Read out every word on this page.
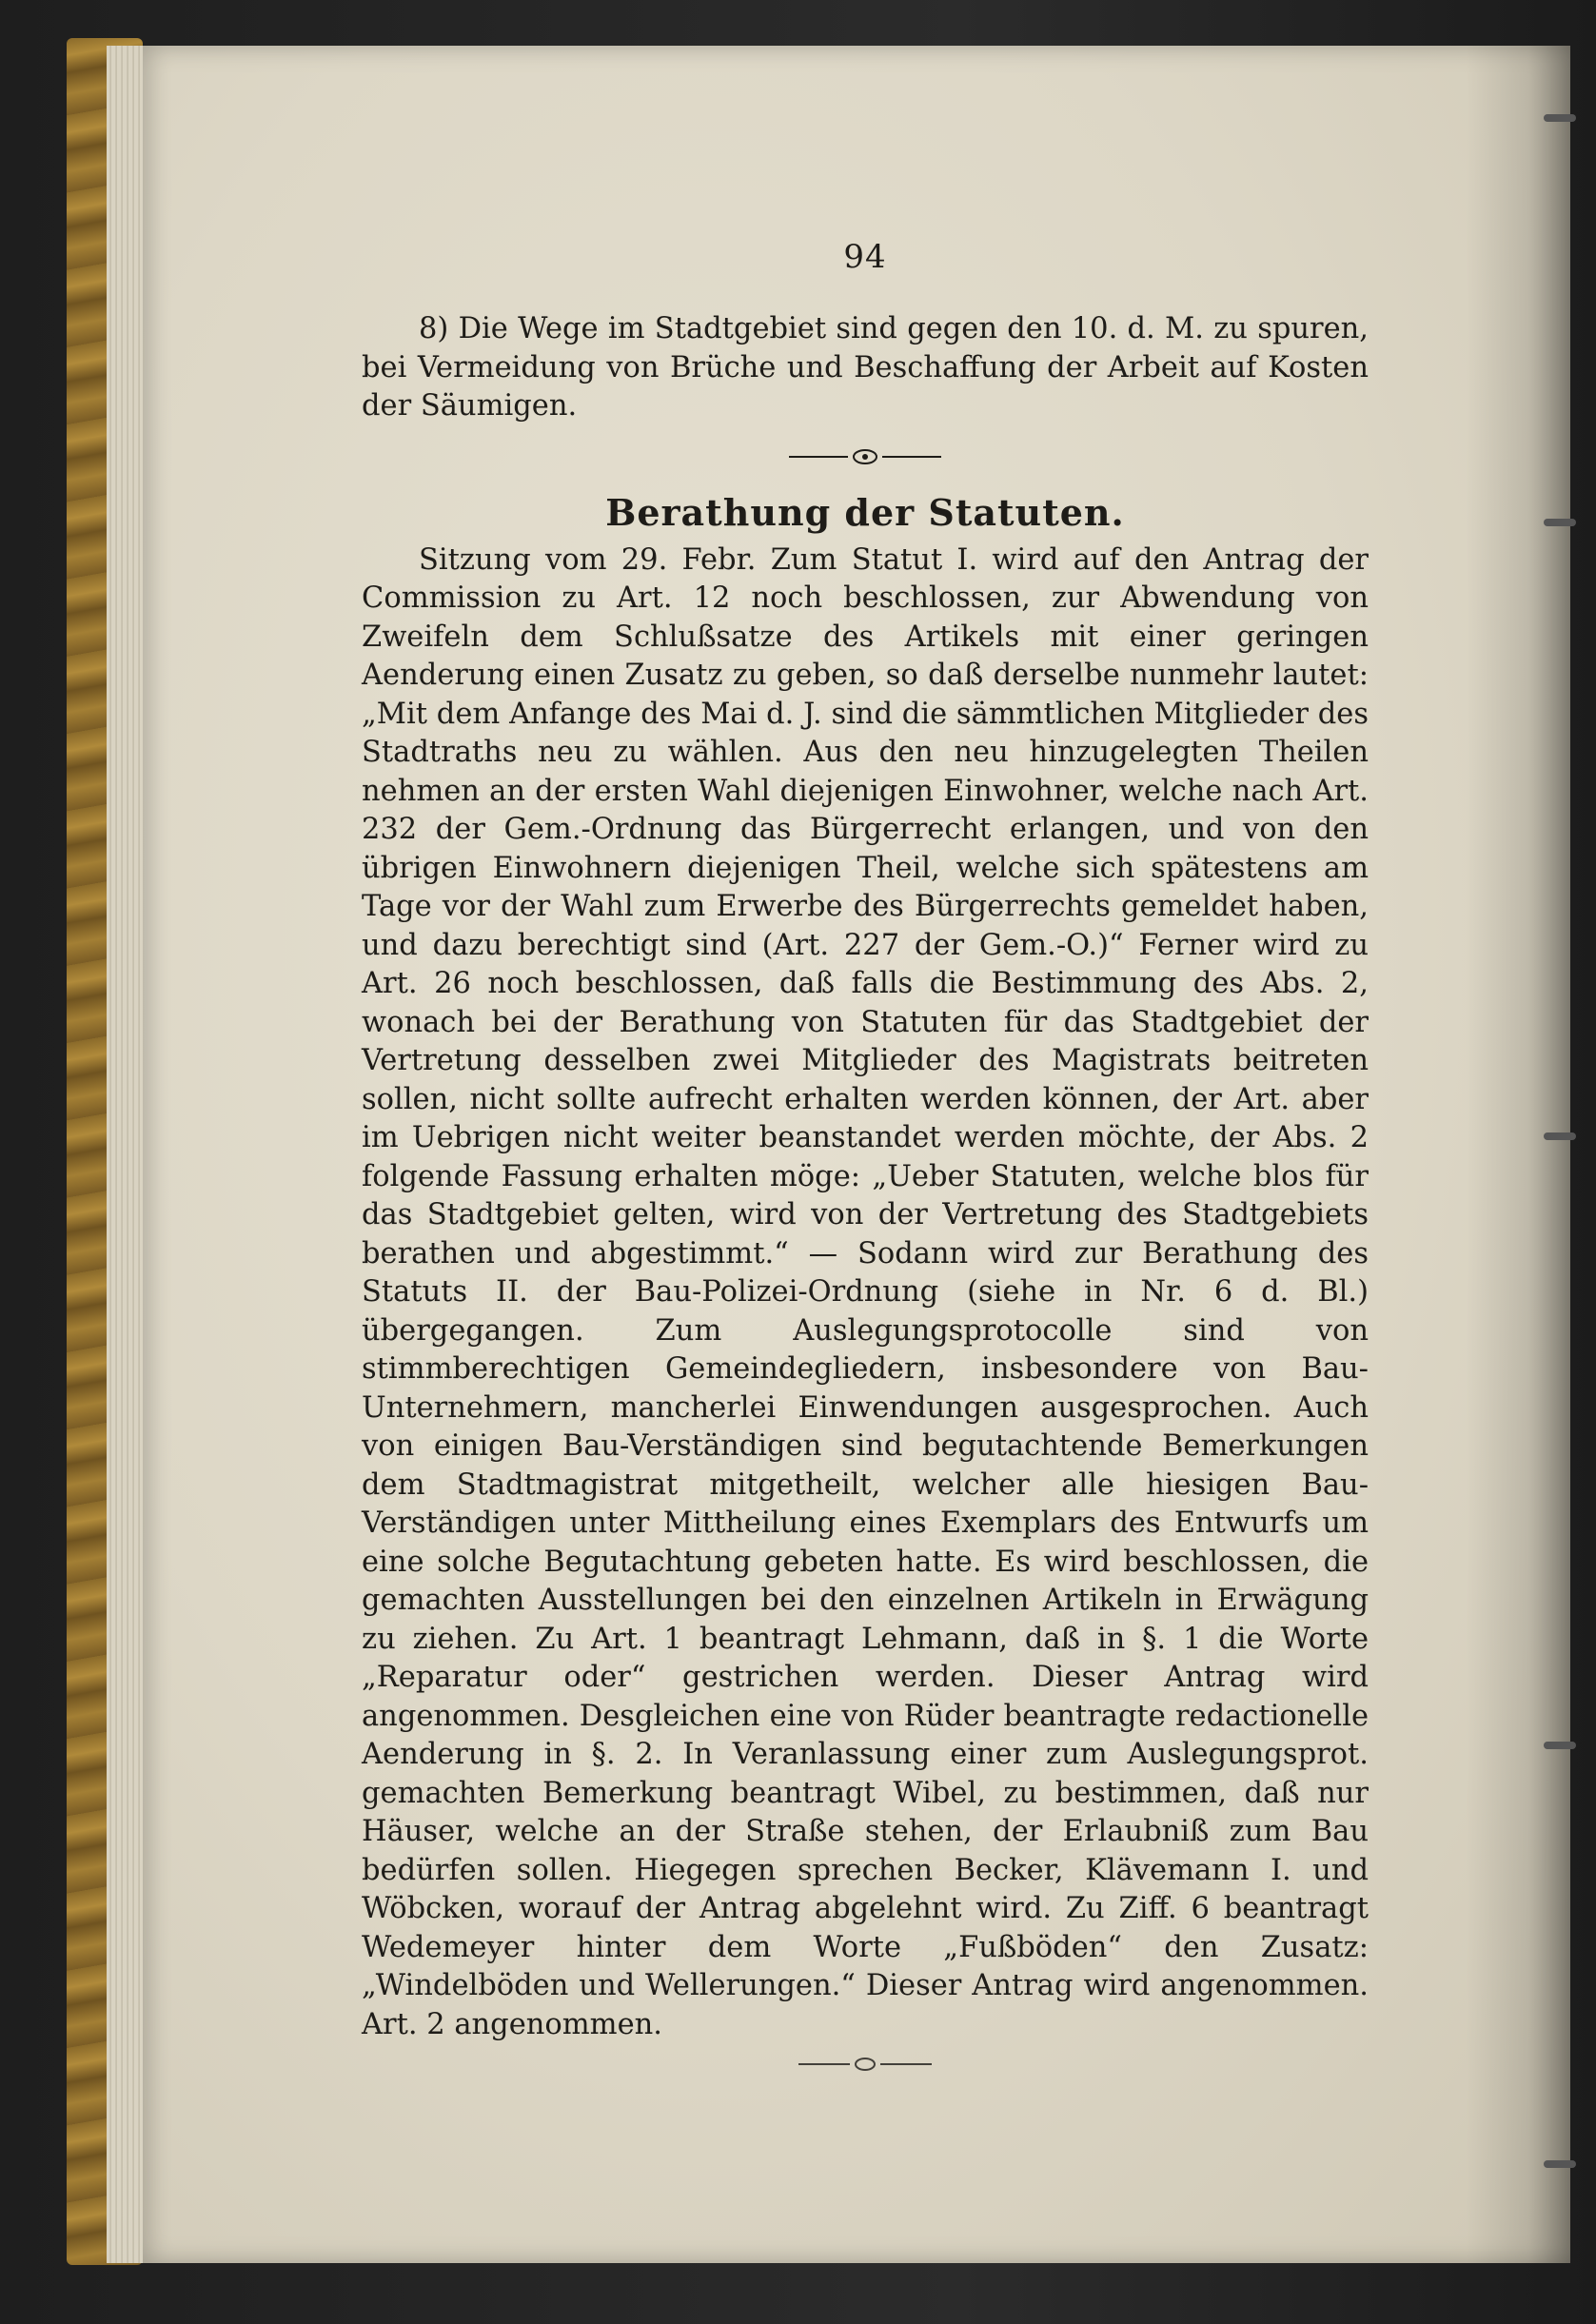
94

8) Die Wege im Stadtgebiet sind gegen den 10. d. M. zu spuren, bei Vermeidung von Brüche und Beschaffung der Arbeit auf Kosten der Säumigen.

Berathung der Statuten.

Sitzung vom 29. Febr. Zum Statut I. wird auf den Antrag der Commission zu Art. 12 noch beschlossen, zur Abwendung von Zweifeln dem Schlußsatze des Artikels mit einer geringen Aenderung einen Zusatz zu geben, so daß derselbe nunmehr lautet: „Mit dem Anfange des Mai d. J. sind die sämmtlichen Mitglieder des Stadtraths neu zu wählen. Aus den neu hinzugelegten Theilen nehmen an der ersten Wahl diejenigen Einwohner, welche nach Art. 232 der Gem.-Ordnung das Bürgerrecht erlangen, und von den übrigen Einwohnern diejenigen Theil, welche sich spätestens am Tage vor der Wahl zum Erwerbe des Bürgerrechts gemeldet haben, und dazu berechtigt sind (Art. 227 der Gem.-O.)“ Ferner wird zu Art. 26 noch beschlossen, daß falls die Bestimmung des Abs. 2, wonach bei der Berathung von Statuten für das Stadtgebiet der Vertretung desselben zwei Mitglieder des Magistrats beitreten sollen, nicht sollte aufrecht erhalten werden können, der Art. aber im Uebrigen nicht weiter beanstandet werden möchte, der Abs. 2 folgende Fassung erhalten möge: „Ueber Statuten, welche blos für das Stadtgebiet gelten, wird von der Vertretung des Stadtgebiets berathen und abgestimmt.“ — Sodann wird zur Berathung des Statuts II. der Bau-Polizei-Ordnung (siehe in Nr. 6 d. Bl.) übergegangen. Zum Auslegungsprotocolle sind von stimmberechtigen Gemeindegliedern, insbesondere von Bau-Unternehmern, mancherlei Einwendungen ausgesprochen. Auch von einigen Bau-Verständigen sind begutachtende Bemerkungen dem Stadtmagistrat mitgetheilt, welcher alle hiesigen Bau-Verständigen unter Mittheilung eines Exemplars des Entwurfs um eine solche Begutachtung gebeten hatte. Es wird beschlossen, die gemachten Ausstellungen bei den einzelnen Artikeln in Erwägung zu ziehen. Zu Art. 1 beantragt Lehmann, daß in §. 1 die Worte „Reparatur oder“ gestrichen werden. Dieser Antrag wird angenommen. Desgleichen eine von Rüder beantragte redactionelle Aenderung in §. 2. In Veranlassung einer zum Auslegungsprot. gemachten Bemerkung beantragt Wibel, zu bestimmen, daß nur Häuser, welche an der Straße stehen, der Erlaubniß zum Bau bedürfen sollen. Hiegegen sprechen Becker, Klävemann I. und Wöbcken, worauf der Antrag abgelehnt wird. Zu Ziff. 6 beantragt Wedemeyer hinter dem Worte „Fußböden“ den Zusatz: „Windelböden und Wellerungen.“ Dieser Antrag wird angenommen. Art. 2 angenommen.
